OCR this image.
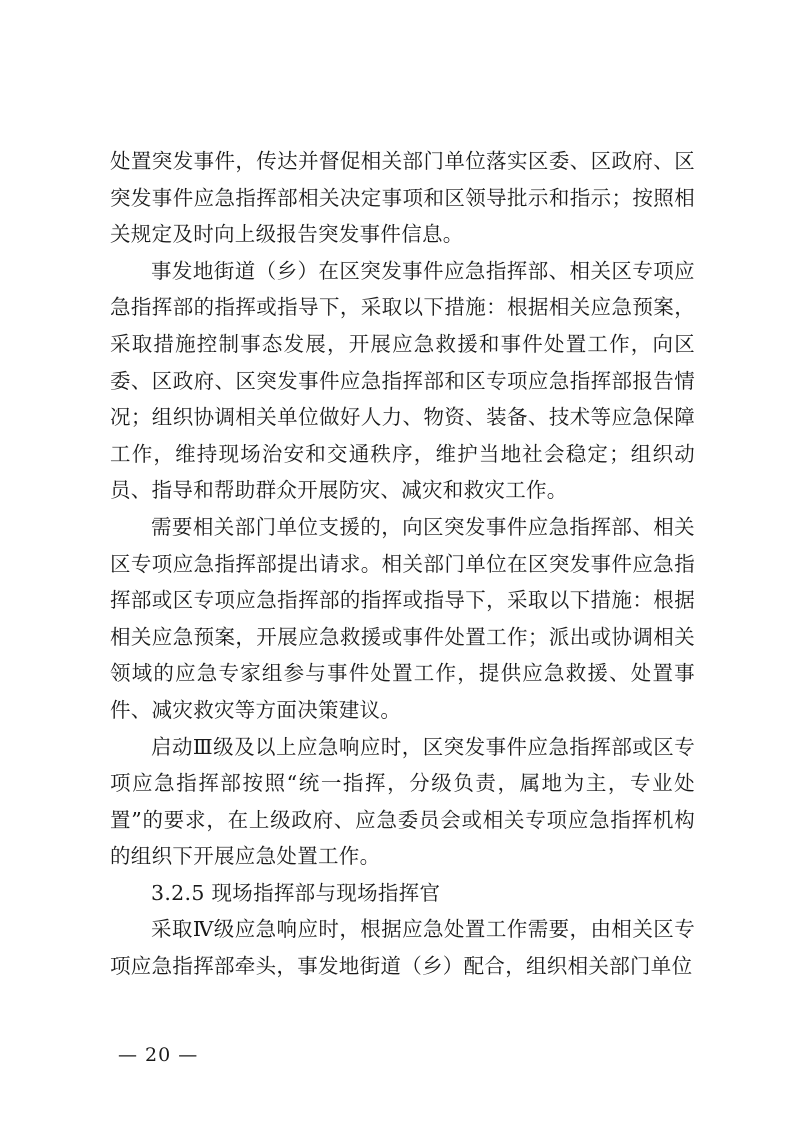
处置突发事件，传达并督促相关部门单位落实区委、区政府、区突发事件应急指挥部相关决定事项和区领导批示和指示；按照相关规定及时向上级报告突发事件信息。

事发地街道（乡）在区突发事件应急指挥部、相关区专项应急指挥部的指挥或指导下，采取以下措施：根据相关应急预案，采取措施控制事态发展，开展应急救援和事件处置工作，向区委、区政府、区突发事件应急指挥部和区专项应急指挥部报告情况；组织协调相关单位做好人力、物资、装备、技术等应急保障工作，维持现场治安和交通秩序，维护当地社会稳定；组织动员、指导和帮助群众开展防灾、减灾和救灾工作。

需要相关部门单位支援的，向区突发事件应急指挥部、相关区专项应急指挥部提出请求。相关部门单位在区突发事件应急指挥部或区专项应急指挥部的指挥或指导下，采取以下措施：根据相关应急预案，开展应急救援或事件处置工作；派出或协调相关领域的应急专家组参与事件处置工作，提供应急救援、处置事件、减灾救灾等方面决策建议。

启动Ⅲ级及以上应急响应时，区突发事件应急指挥部或区专项应急指挥部按照“统一指挥，分级负责，属地为主，专业处置”的要求，在上级政府、应急委员会或相关专项应急指挥机构的组织下开展应急处置工作。

3.2.5 现场指挥部与现场指挥官

采取Ⅳ级应急响应时，根据应急处置工作需要，由相关区专项应急指挥部牵头，事发地街道（乡）配合，组织相关部门单位

— 20 —
